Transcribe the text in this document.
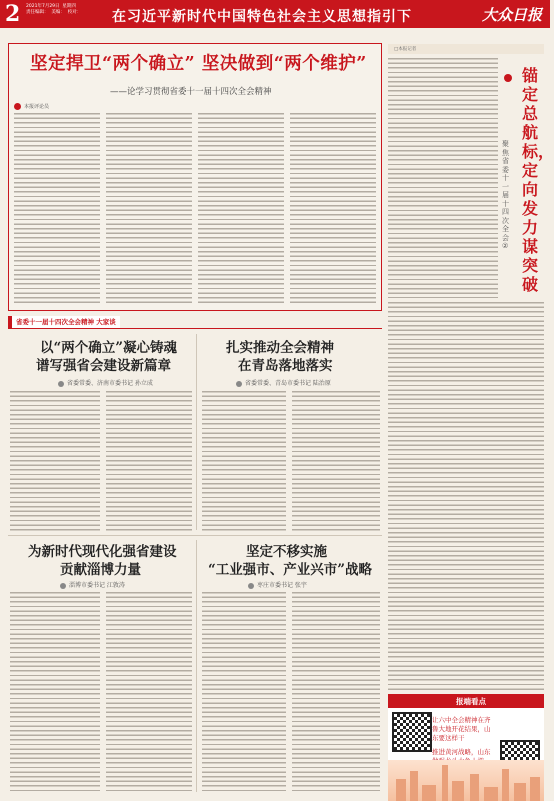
2 2021年7月29日  星期四
责任编辑：  美编：  校对： 在习近平新时代中国特色社会主义思想指引下	大众日报
坚定捍卫“两个确立” 坚决做到“两个维护”
——论学习贯彻省委十一届十四次全会精神
本报评论员
□本报记者
锚定总航标，定向发力谋突破
聚焦省委十一届十四次全会②
省委十一届十四次全会精神 大家谈
以“两个确立”凝心铸魂
谱写强省会建设新篇章
省委常委、济南市委书记 孙立成
扎实推动全会精神
在青岛落地落实
省委常委、青岛市委书记 陆治原
为新时代现代化强省建设
贡献淄博力量
淄博市委书记 江敦涛
坚定不移实施
“工业强市、产业兴市”战略
枣庄市委书记 张宇
报端看点
让六中全会精神在齐鲁大地开花结果，山东要这样干
推进黄河战略，山东
